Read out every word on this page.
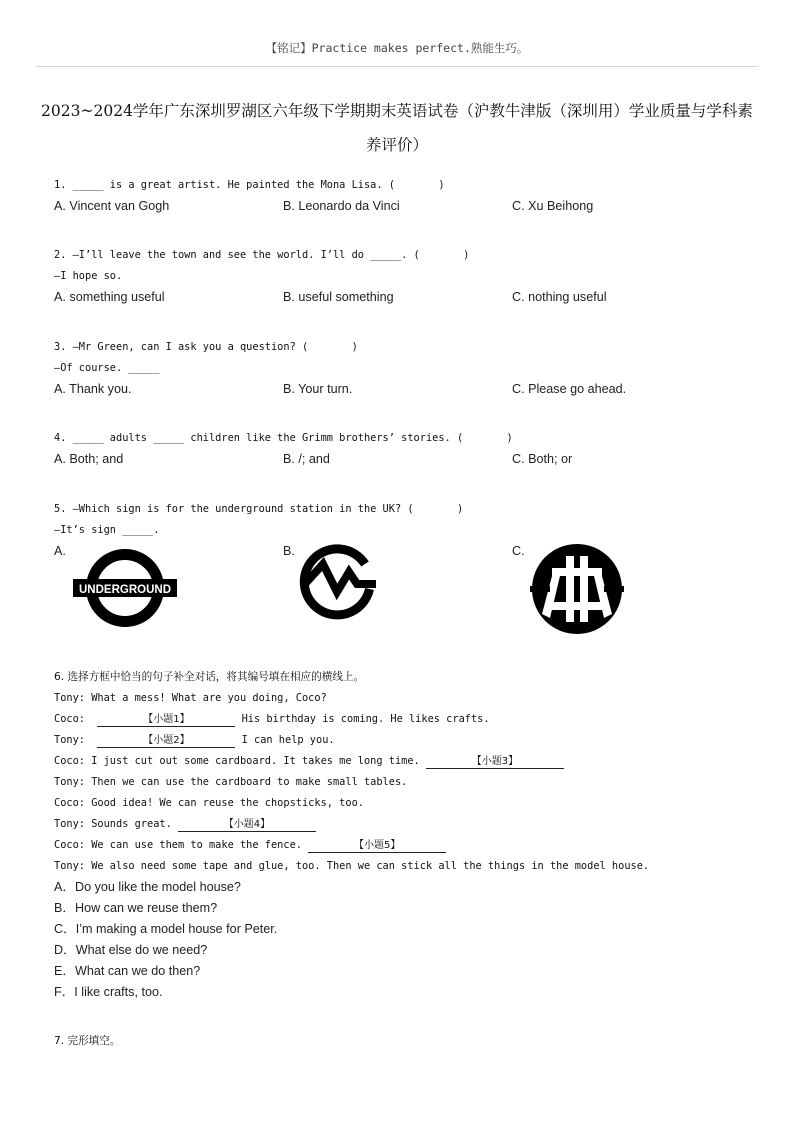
【铭记】Practice makes perfect.熟能生巧。
2023~2024学年广东深圳罗湖区六年级下学期期末英语试卷（沪教牛津版（深圳用）学业质量与学科素养评价）
1. _____ is a great artist. He painted the Mona Lisa. (       )
A. Vincent van Gogh	B. Leonardo da Vinci	C. Xu Beihong
2. —I’ll leave the town and see the world. I’ll do _____. (       )
—I hope so.
A. something useful	B. useful something	C. nothing useful
3. —Mr Green, can I ask you a question? (       )
—Of course. _____
A. Thank you.	B. Your turn.	C. Please go ahead.
4. _____ adults _____ children like the Grimm brothers’ stories. (       )
A. Both; and	B. /; and	C. Both; or
5. —Which sign is for the underground station in the UK? (       )
—It’s sign _____.
A.	B.	C.
UNDERGROUND
6. 选择方框中恰当的句子补全对话，将其编号填在相应的横线上。
Tony: What a mess! What are you doing, Coco?
Coco:	【小题1】	His birthday is coming. He likes crafts.
Tony:	【小题2】	I can help you.
Coco: I just cut out some cardboard. It takes me long time.	【小题3】
Tony: Then we can use the cardboard to make small tables.
Coco: Good idea! We can reuse the chopsticks, too.
Tony: Sounds great.	【小题4】
Coco: We can use them to make the fence.	【小题5】
Tony: We also need some tape and glue, too. Then we can stick all the things in the model house.
A．Do you like the model house?
B．How can we reuse them?
C．I’m making a model house for Peter.
D．What else do we need?
E．What can we do then?
F．I like crafts, too.
7. 完形填空。
